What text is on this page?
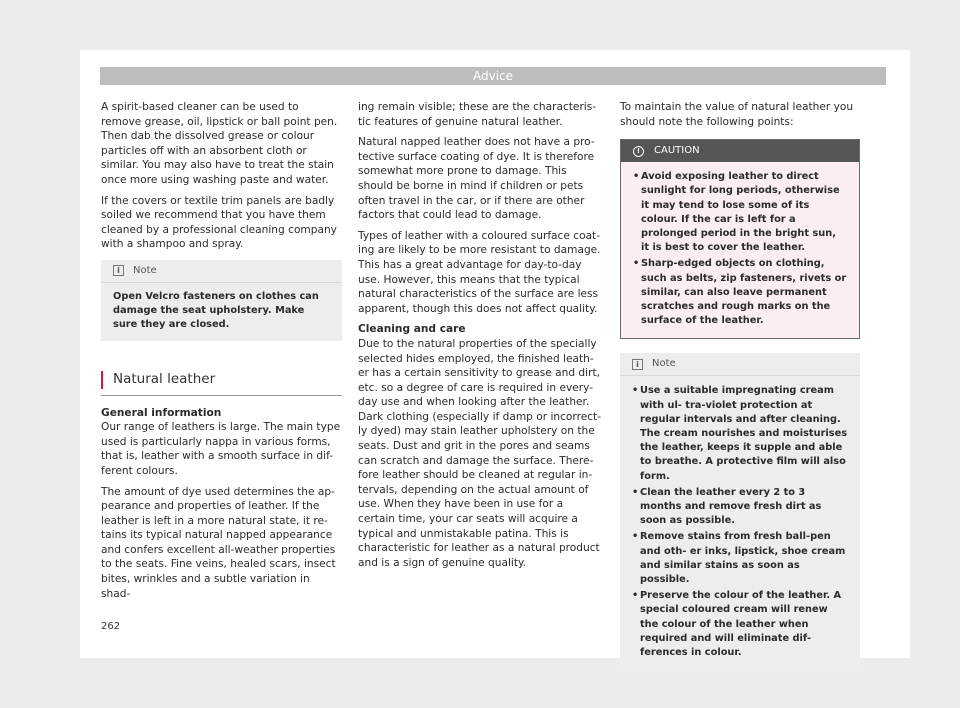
Advice

A spirit-based cleaner can be used to remove grease, oil, lipstick or ball point pen. Then dab the dissolved grease or colour particles off with an absorbent cloth or similar. You may also have to treat the stain once more using washing paste and water.

If the covers or textile trim panels are badly soiled we recommend that you have them cleaned by a professional cleaning company with a shampoo and spray.

i	Note
Open Velcro fasteners on clothes can damage the seat upholstery. Make sure they are closed.
Natural leather

General information

Our range of leathers is large. The main type used is particularly nappa in various forms, that is, leather with a smooth surface in dif- ferent colours.

The amount of dye used determines the ap- pearance and properties of leather. If the leather is left in a more natural state, it re- tains its typical natural napped appearance and confers excellent all-weather properties to the seats. Fine veins, healed scars, insect bites, wrinkles and a subtle variation in shad-

ing remain visible; these are the characteris- tic features of genuine natural leather.

Natural napped leather does not have a pro- tective surface coating of dye. It is therefore somewhat more prone to damage. This should be borne in mind if children or pets often travel in the car, or if there are other factors that could lead to damage.

Types of leather with a coloured surface coat- ing are likely to be more resistant to damage. This has a great advantage for day-to-day use. However, this means that the typical natural characteristics of the surface are less apparent, though this does not affect quality.

Cleaning and care

Due to the natural properties of the specially selected hides employed, the finished leath- er has a certain sensitivity to grease and dirt, etc. so a degree of care is required in every- day use and when looking after the leather. Dark clothing (especially if damp or incorrect- ly dyed) may stain leather upholstery on the seats. Dust and grit in the pores and seams can scratch and damage the surface. There- fore leather should be cleaned at regular in- tervals, depending on the actual amount of use. When they have been in use for a certain time, your car seats will acquire a typical and unmistakable patina. This is characteristic for leather as a natural product and is a sign of genuine quality.

To maintain the value of natural leather you should note the following points:

!	CAUTION
• Avoid exposing leather to direct sunlight for long periods, otherwise it may tend to lose some of its colour. If the car is left for a prolonged period in the bright sun, it is best to cover the leather.
• Sharp-edged objects on clothing, such as belts, zip fasteners, rivets or similar, can also leave permanent scratches and rough marks on the surface of the leather.
i	Note
• Use a suitable impregnating cream with ul- tra-violet protection at regular intervals and after cleaning. The cream nourishes and moisturises the leather, keeps it supple and able to breathe. A protective film will also form.
• Clean the leather every 2 to 3 months and remove fresh dirt as soon as possible.
• Remove stains from fresh ball-pen and oth- er inks, lipstick, shoe cream and similar stains as soon as possible.
• Preserve the colour of the leather. A special coloured cream will renew the colour of the leather when required and will eliminate dif- ferences in colour.
262
